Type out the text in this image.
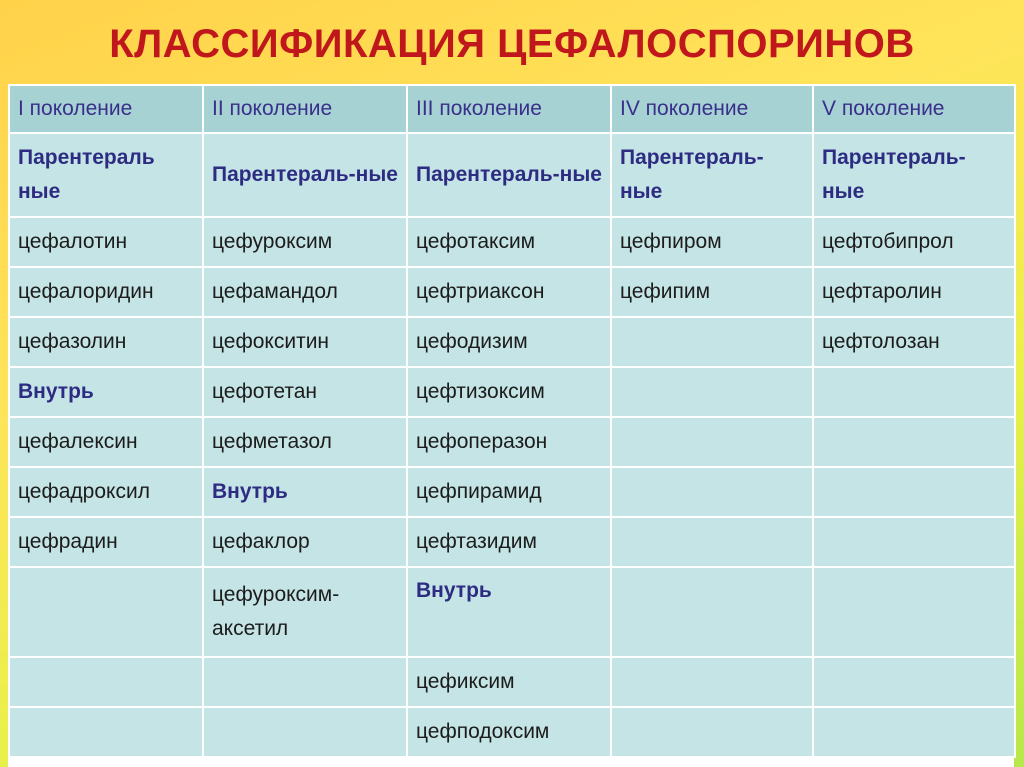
КЛАССИФИКАЦИЯ ЦЕФАЛОСПОРИНОВ
I поколение	II поколение	III поколение	IV поколение	V поколение
Парентераль ные	Парентераль-ные	Парентераль-ные	Парентераль-ные	Парентераль-ные
цефалотин	цефуроксим	цефотаксим	цефпиром	цефтобипрол
цефалоридин	цефамандол	цефтриаксон	цефипим	цефтаролин
цефазолин	цефокситин	цефодизим		цефтолозан
Внутрь	цефотетан	цефтизоксим		
цефалексин	цефметазол	цефоперазон		
цефадроксил	Внутрь	цефпирамид		
цефрадин	цефаклор	цефтазидим		
	цефуроксим-аксетил	Внутрь		
		цефиксим		
		цефподоксим		
